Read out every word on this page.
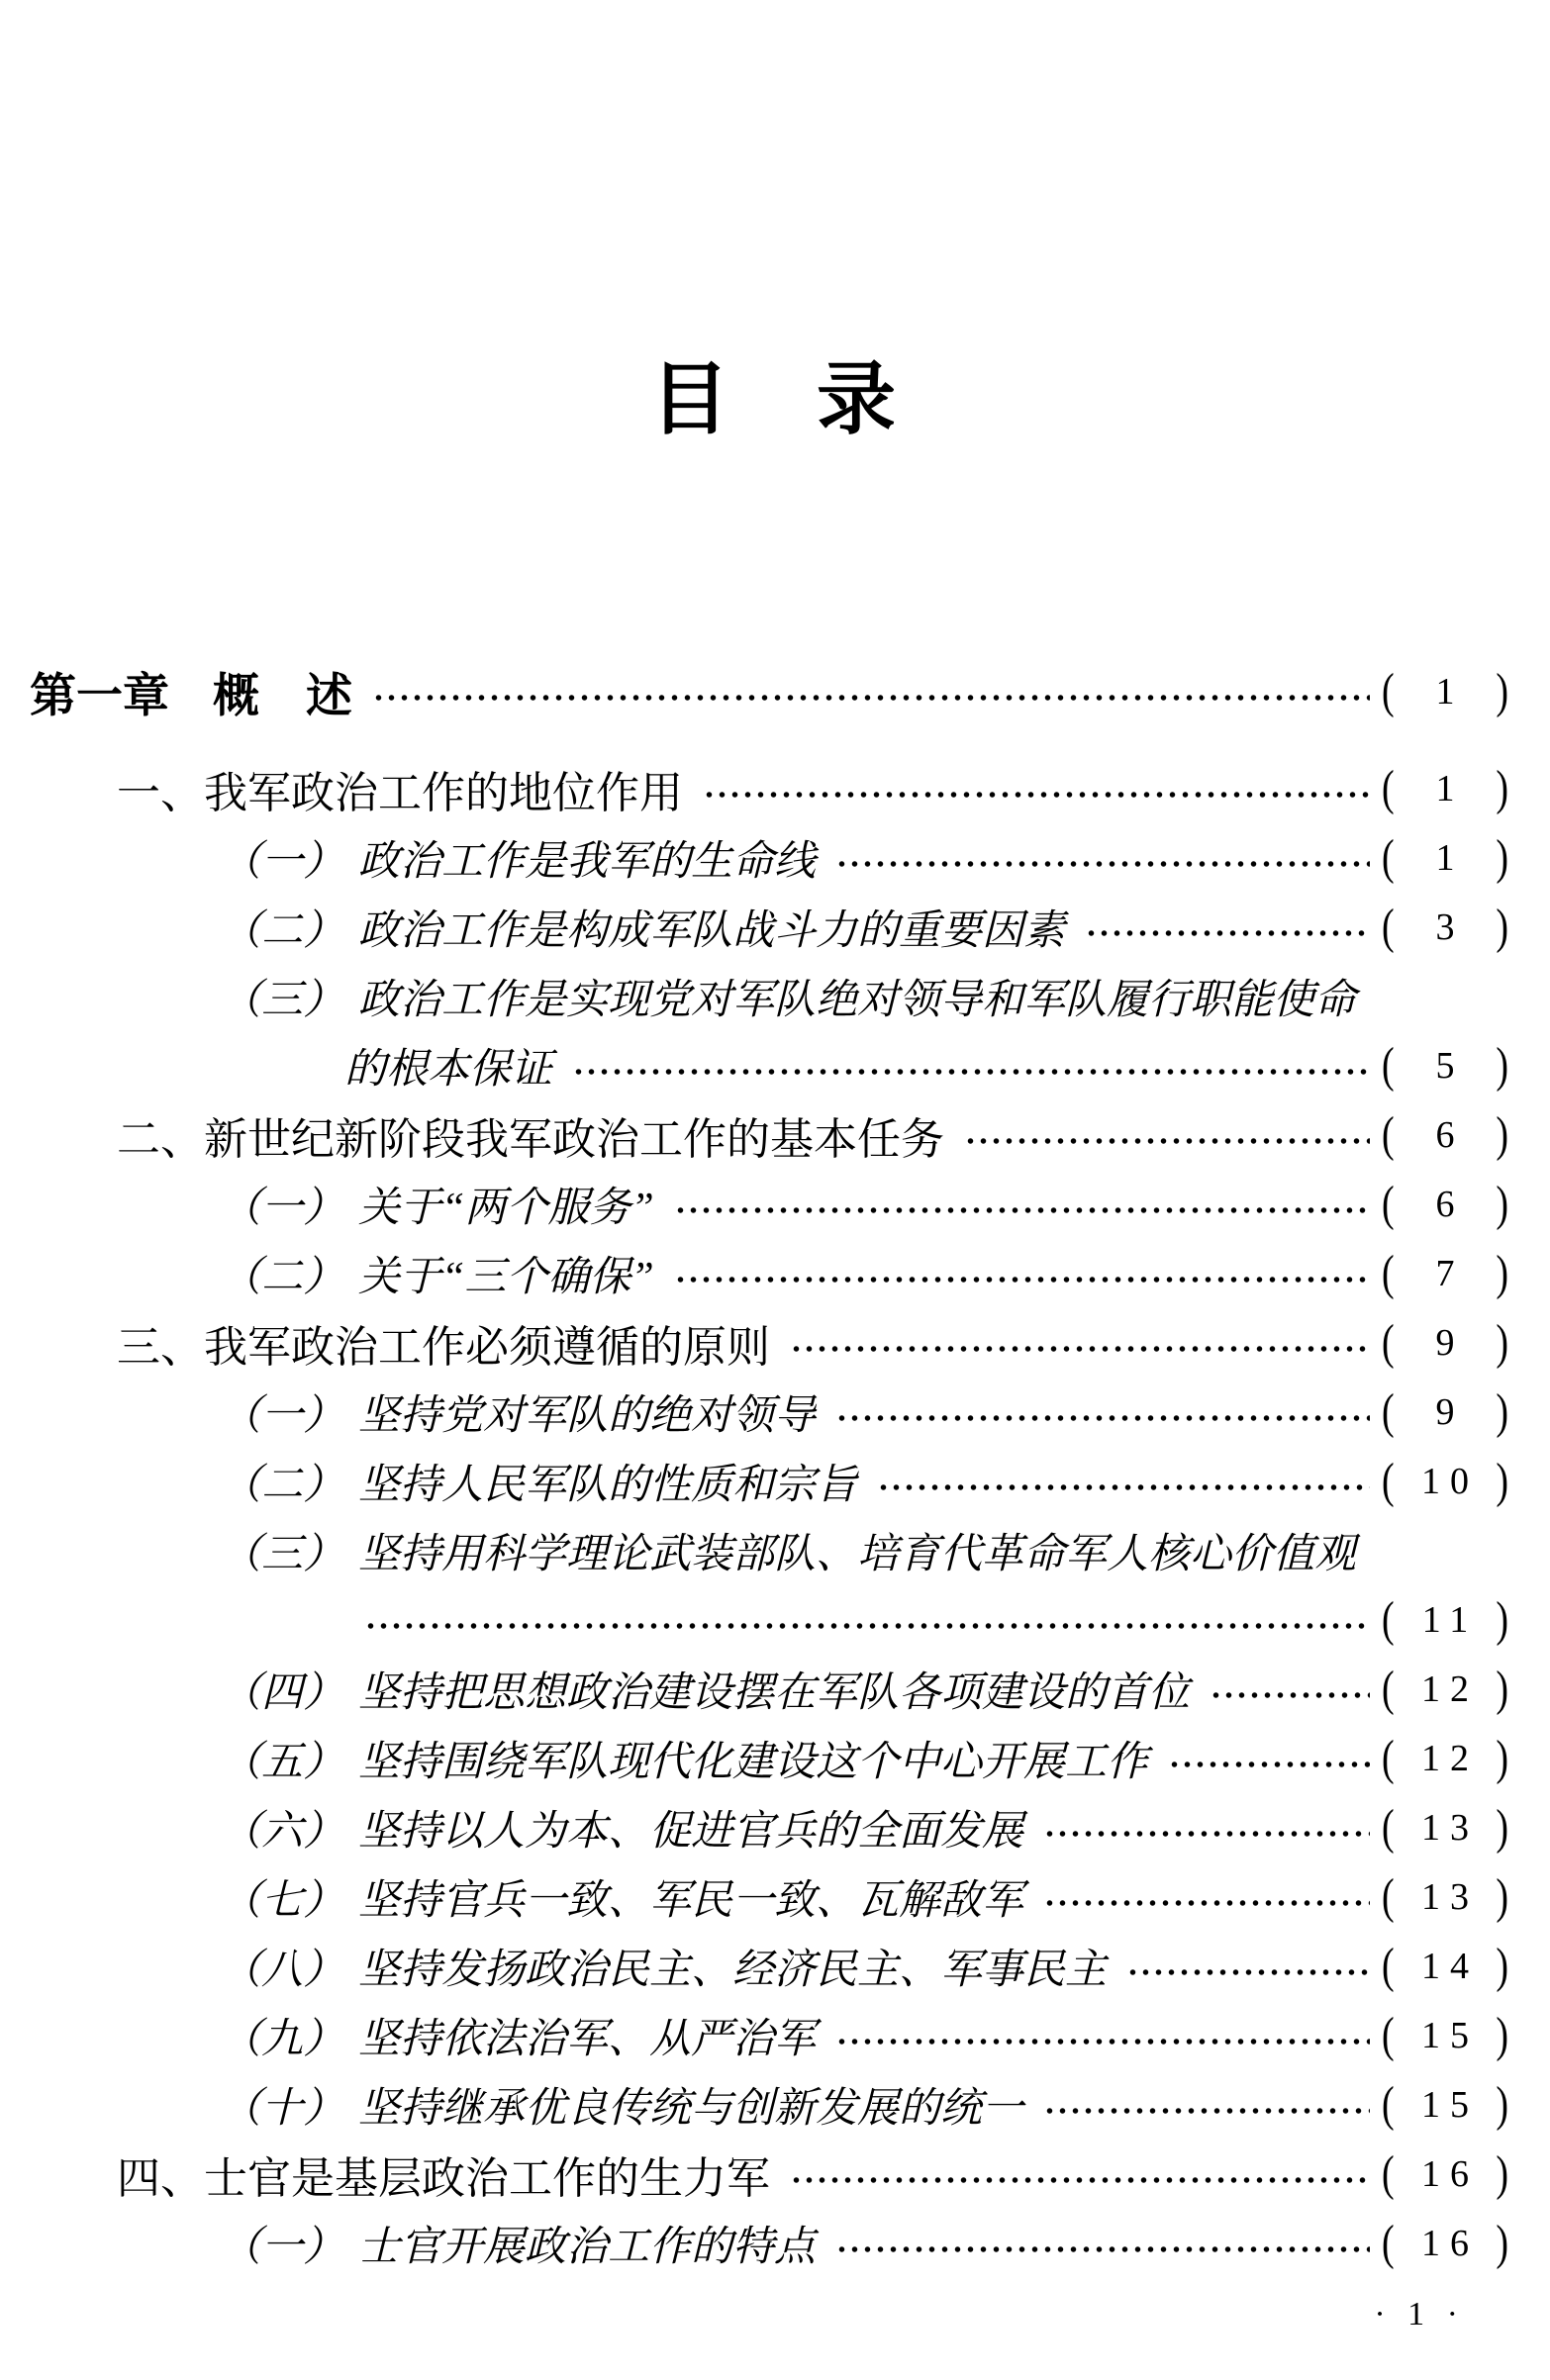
目　录
第一章 概　述	( 1 )
一、 我军政治工作的地位作用	( 1 )
（一） 政治工作是我军的生命线	( 1 )
（二） 政治工作是构成军队战斗力的重要因素	( 3 )
（三） 政治工作是实现党对军队绝对领导和军队履行职能使命
的根本保证	( 5 )
二、 新世纪新阶段我军政治工作的基本任务	( 6 )
（一） 关于“两个服务”	( 6 )
（二） 关于“三个确保”	( 7 )
三、 我军政治工作必须遵循的原则	( 9 )
（一） 坚持党对军队的绝对领导	( 9 )
（二） 坚持人民军队的性质和宗旨	( 10 )
（三） 坚持用科学理论武装部队、培育代革命军人核心价值观
( 11 )
（四） 坚持把思想政治建设摆在军队各项建设的首位	( 12 )
（五） 坚持围绕军队现代化建设这个中心开展工作	( 12 )
（六） 坚持以人为本、促进官兵的全面发展	( 13 )
（七） 坚持官兵一致、军民一致、瓦解敌军	( 13 )
（八） 坚持发扬政治民主、经济民主、军事民主	( 14 )
（九） 坚持依法治军、从严治军	( 15 )
（十） 坚持继承优良传统与创新发展的统一	( 15 )
四、 士官是基层政治工作的生力军	( 16 )
（一） 士官开展政治工作的特点	( 16 )
· 1 ·
